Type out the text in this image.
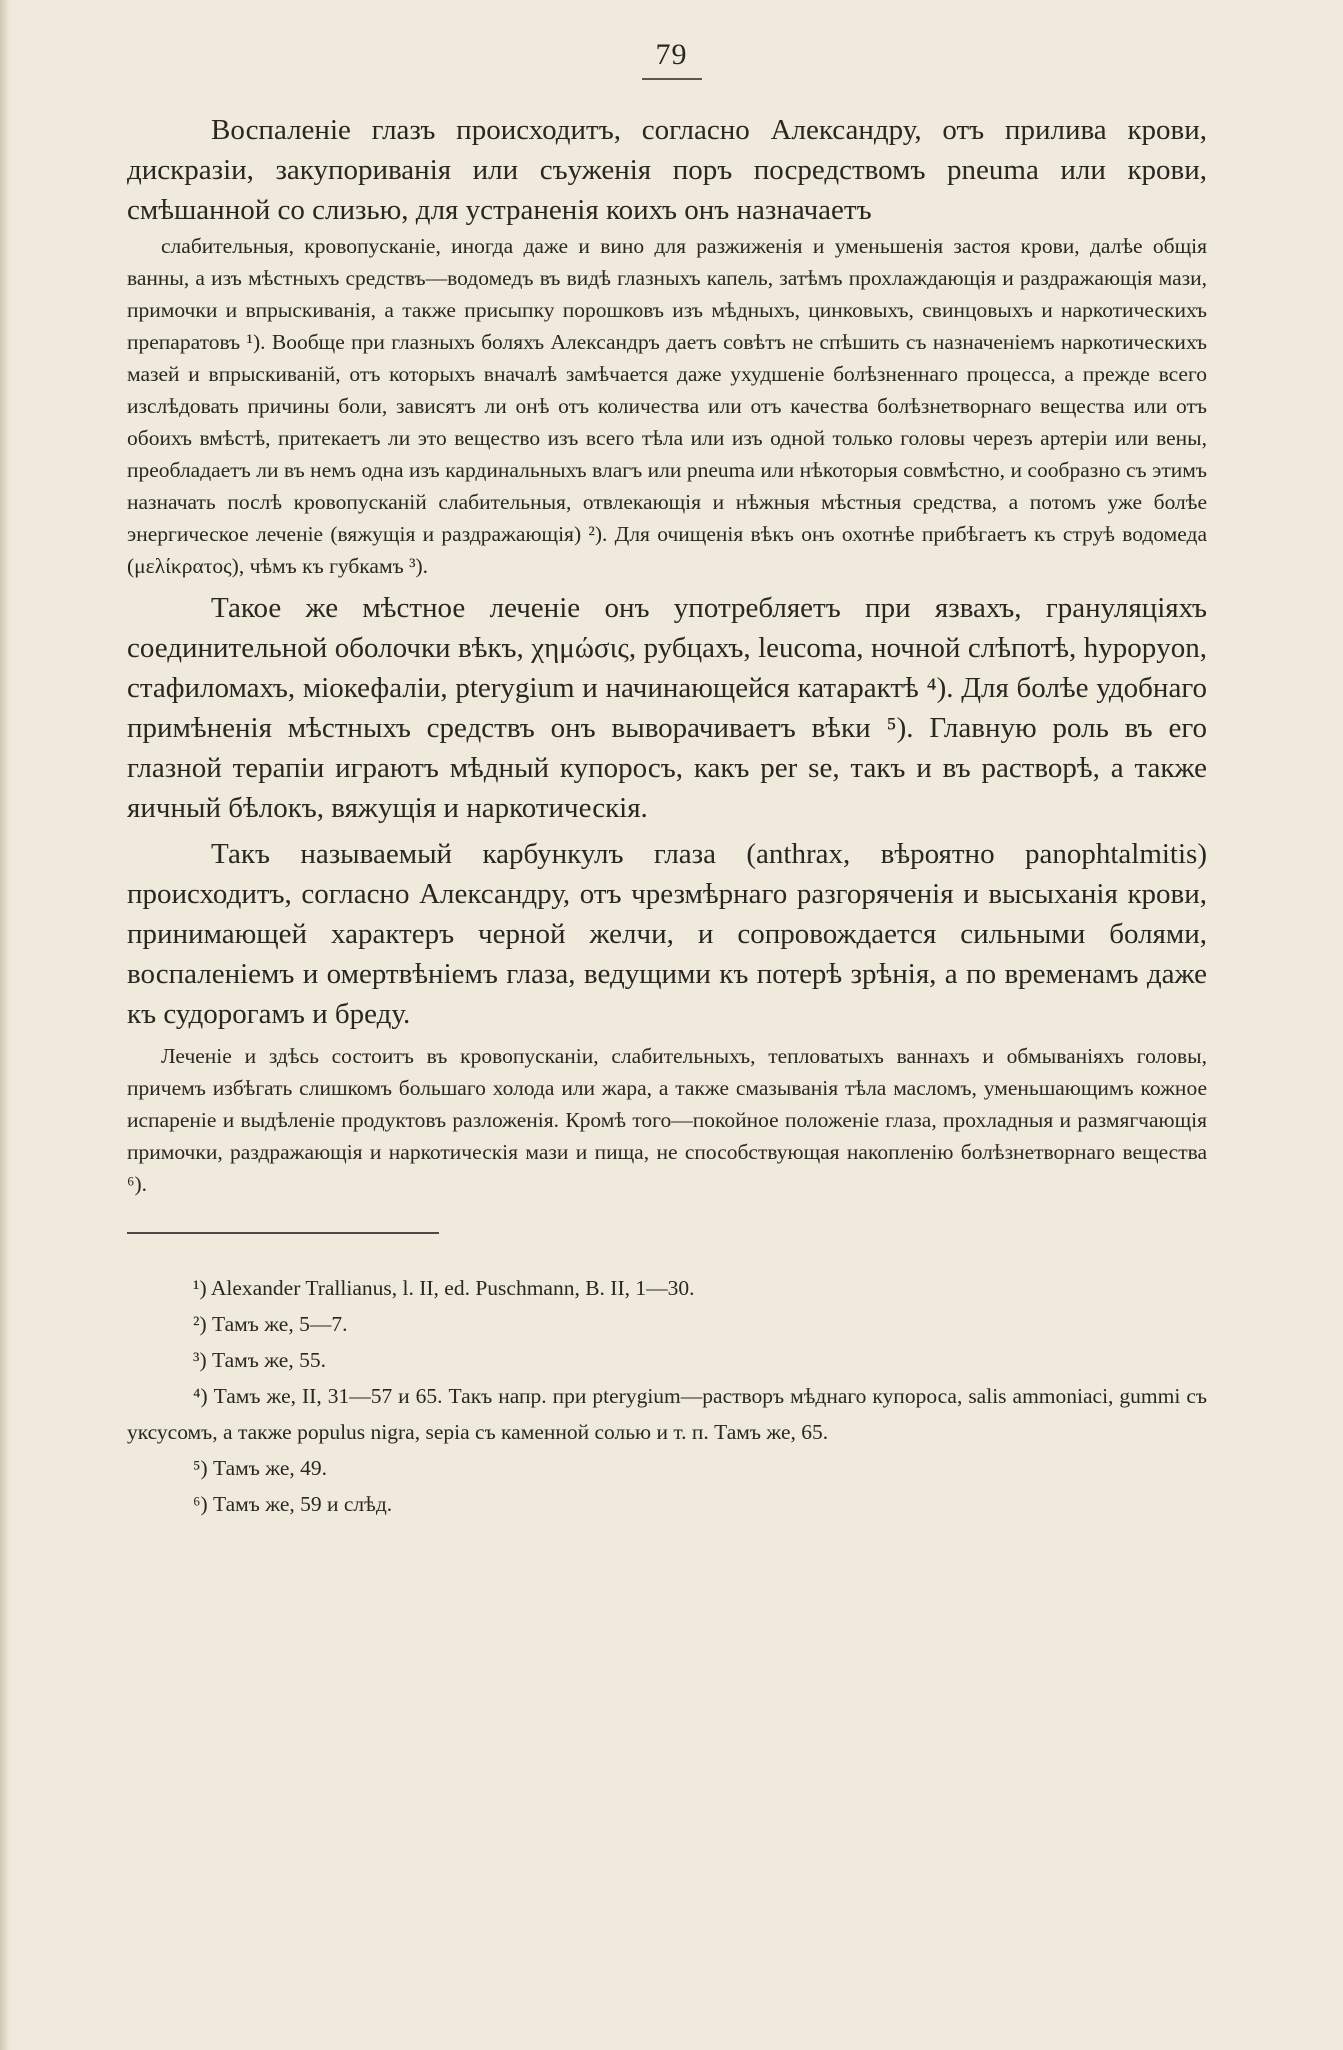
79

Воспаленіе глазъ происходитъ, согласно Александру, отъ прилива крови, дискразіи, закупориванія или съуженія поръ посредствомъ pneuma или крови, смѣшанной со слизью, для устраненія коихъ онъ назначаетъ

слабительныя, кровопусканіе, иногда даже и вино для разжиженія и уменьшенія застоя крови, далѣе общія ванны, а изъ мѣстныхъ средствъ—водомедъ въ видѣ глазныхъ капель, затѣмъ прохлаждающія и раздражающія мази, примочки и впрыскиванія, а также присыпку порошковъ изъ мѣдныхъ, цинковыхъ, свинцовыхъ и наркотическихъ препаратовъ ¹). Вообще при глазныхъ боляхъ Александръ даетъ совѣтъ не спѣшить съ назначеніемъ наркотическихъ мазей и впрыскиваній, отъ которыхъ вначалѣ замѣчается даже ухудшеніе болѣзненнаго процесса, а прежде всего изслѣдовать причины боли, зависятъ ли онѣ отъ количества или отъ качества болѣзнетворнаго вещества или отъ обоихъ вмѣстѣ, притекаетъ ли это вещество изъ всего тѣла или изъ одной только головы черезъ артеріи или вены, преобладаетъ ли въ немъ одна изъ кардинальныхъ влагъ или pneuma или нѣкоторыя совмѣстно, и сообразно съ этимъ назначать послѣ кровопусканій слабительныя, отвлекающія и нѣжныя мѣстныя средства, а потомъ уже болѣе энергическое леченіе (вяжущія и раздражающія) ²). Для очищенія вѣкъ онъ охотнѣе прибѣгаетъ къ струѣ водомеда (μελίκρατος), чѣмъ къ губкамъ ³).

Такое же мѣстное леченіе онъ употребляетъ при язвахъ, грануляціяхъ соединительной оболочки вѣкъ, χημώσις, рубцахъ, leucoma, ночной слѣпотѣ, hypopyon, стафиломахъ, міокефаліи, pterygium и начинающейся катарактѣ ⁴). Для болѣе удобнаго примѣненія мѣстныхъ средствъ онъ выворачиваетъ вѣки ⁵). Главную роль въ его глазной терапіи играютъ мѣдный купоросъ, какъ per se, такъ и въ растворѣ, а также яичный бѣлокъ, вяжущія и наркотическія.

Такъ называемый карбункулъ глаза (anthrax, вѣроятно panophtalmitis) происходитъ, согласно Александру, отъ чрезмѣрнаго разгоряченія и высыханія крови, принимающей характеръ черной желчи, и сопровождается сильными болями, воспаленіемъ и омертвѣніемъ глаза, ведущими къ потерѣ зрѣнія, а по временамъ даже къ судорогамъ и бреду.

Леченіе и здѣсь состоитъ въ кровопусканіи, слабительныхъ, тепловатыхъ ваннахъ и обмываніяхъ головы, причемъ избѣгать слишкомъ большаго холода или жара, а также смазыванія тѣла масломъ, уменьшающимъ кожное испареніе и выдѣленіе продуктовъ разложенія. Кромѣ того—покойное положеніе глаза, прохладныя и размягчающія примочки, раздражающія и наркотическія мази и пища, не способствующая накопленію болѣзнетворнаго вещества ⁶).

¹) Alexander Trallianus, l. II, ed. Puschmann, B. II, 1—30.

²) Тамъ же, 5—7.

³) Тамъ же, 55.

⁴) Тамъ же, II, 31—57 и 65. Такъ напр. при pterygium—растворъ мѣднаго купороса, salis ammoniaci, gummi съ уксусомъ, а также populus nigra, sepia съ каменной солью и т. п. Тамъ же, 65.

⁵) Тамъ же, 49.

⁶) Тамъ же, 59 и слѣд.
